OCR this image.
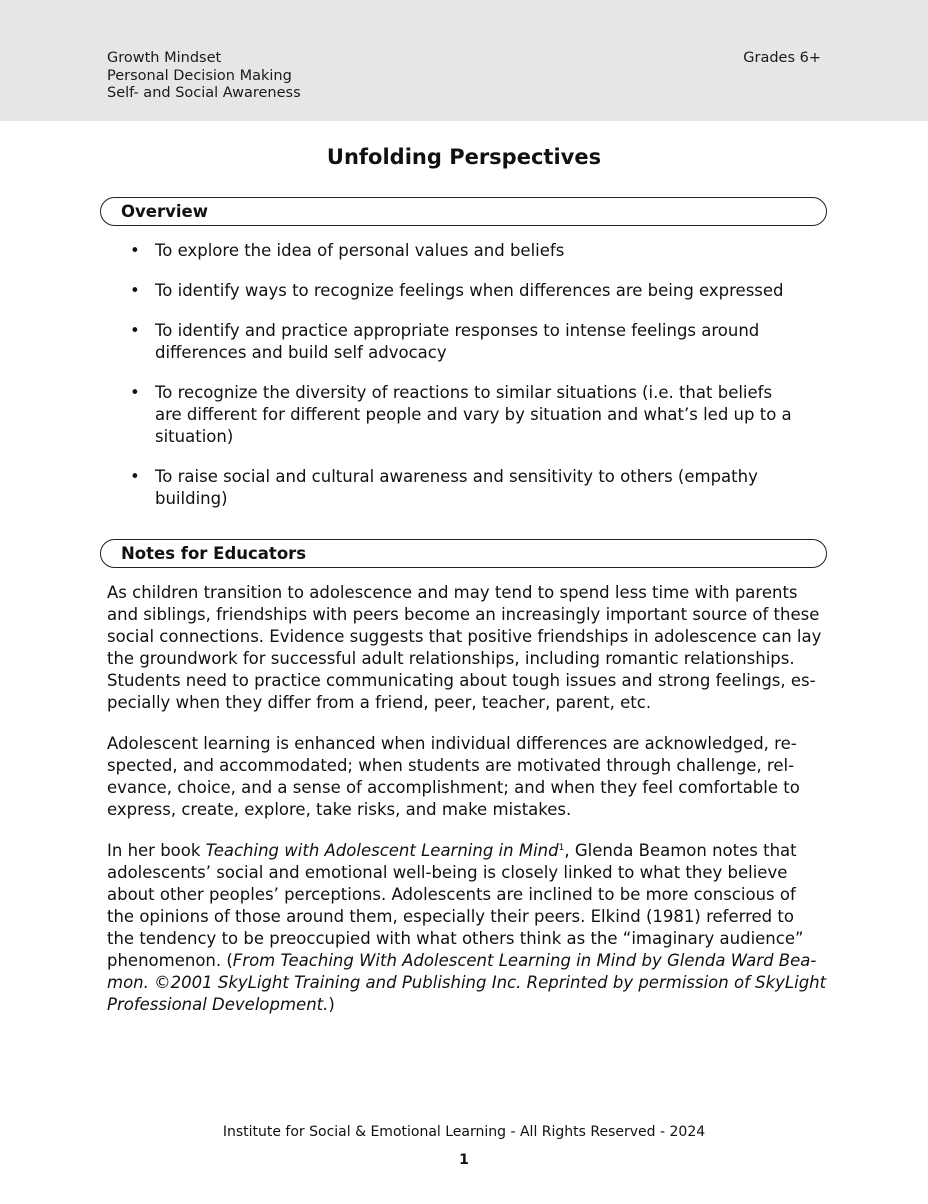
Growth Mindset
Personal Decision Making
Self- and Social Awareness
Grades 6+
Unfolding Perspectives
Overview
• To explore the idea of personal values and beliefs
• To identify ways to recognize feelings when differences are being expressed
• To identify and practice appropriate responses to intense feelings around
differences and build self advocacy
• To recognize the diversity of reactions to similar situations (i.e. that beliefs
are different for different people and vary by situation and what’s led up to a
situation)
• To raise social and cultural awareness and sensitivity to others (empathy
building)
Notes for Educators

As children transition to adolescence and may tend to spend less time with parents
and siblings, friendships with peers become an increasingly important source of these
social connections. Evidence suggests that positive friendships in adolescence can lay
the groundwork for successful adult relationships, including romantic relationships.
Students need to practice communicating about tough issues and strong feelings, es-
pecially when they differ from a friend, peer, teacher, parent, etc.

Adolescent learning is enhanced when individual differences are acknowledged, re-
spected, and accommodated; when students are motivated through challenge, rel-
evance, choice, and a sense of accomplishment; and when they feel comfortable to
express, create, explore, take risks, and make mistakes.

In her book Teaching with Adolescent Learning in Mind$^1$, Glenda Beamon notes that
adolescents’ social and emotional well-being is closely linked to what they believe
about other peoples’ perceptions. Adolescents are inclined to be more conscious of
the opinions of those around them, especially their peers. Elkind (1981) referred to
the tendency to be preoccupied with what others think as the “imaginary audience”
phenomenon. (From Teaching With Adolescent Learning in Mind by Glenda Ward Bea-
mon. ©2001 SkyLight Training and Publishing Inc. Reprinted by permission of SkyLight
Professional Development.)

Institute for Social & Emotional Learning - All Rights Reserved - 2024
1
